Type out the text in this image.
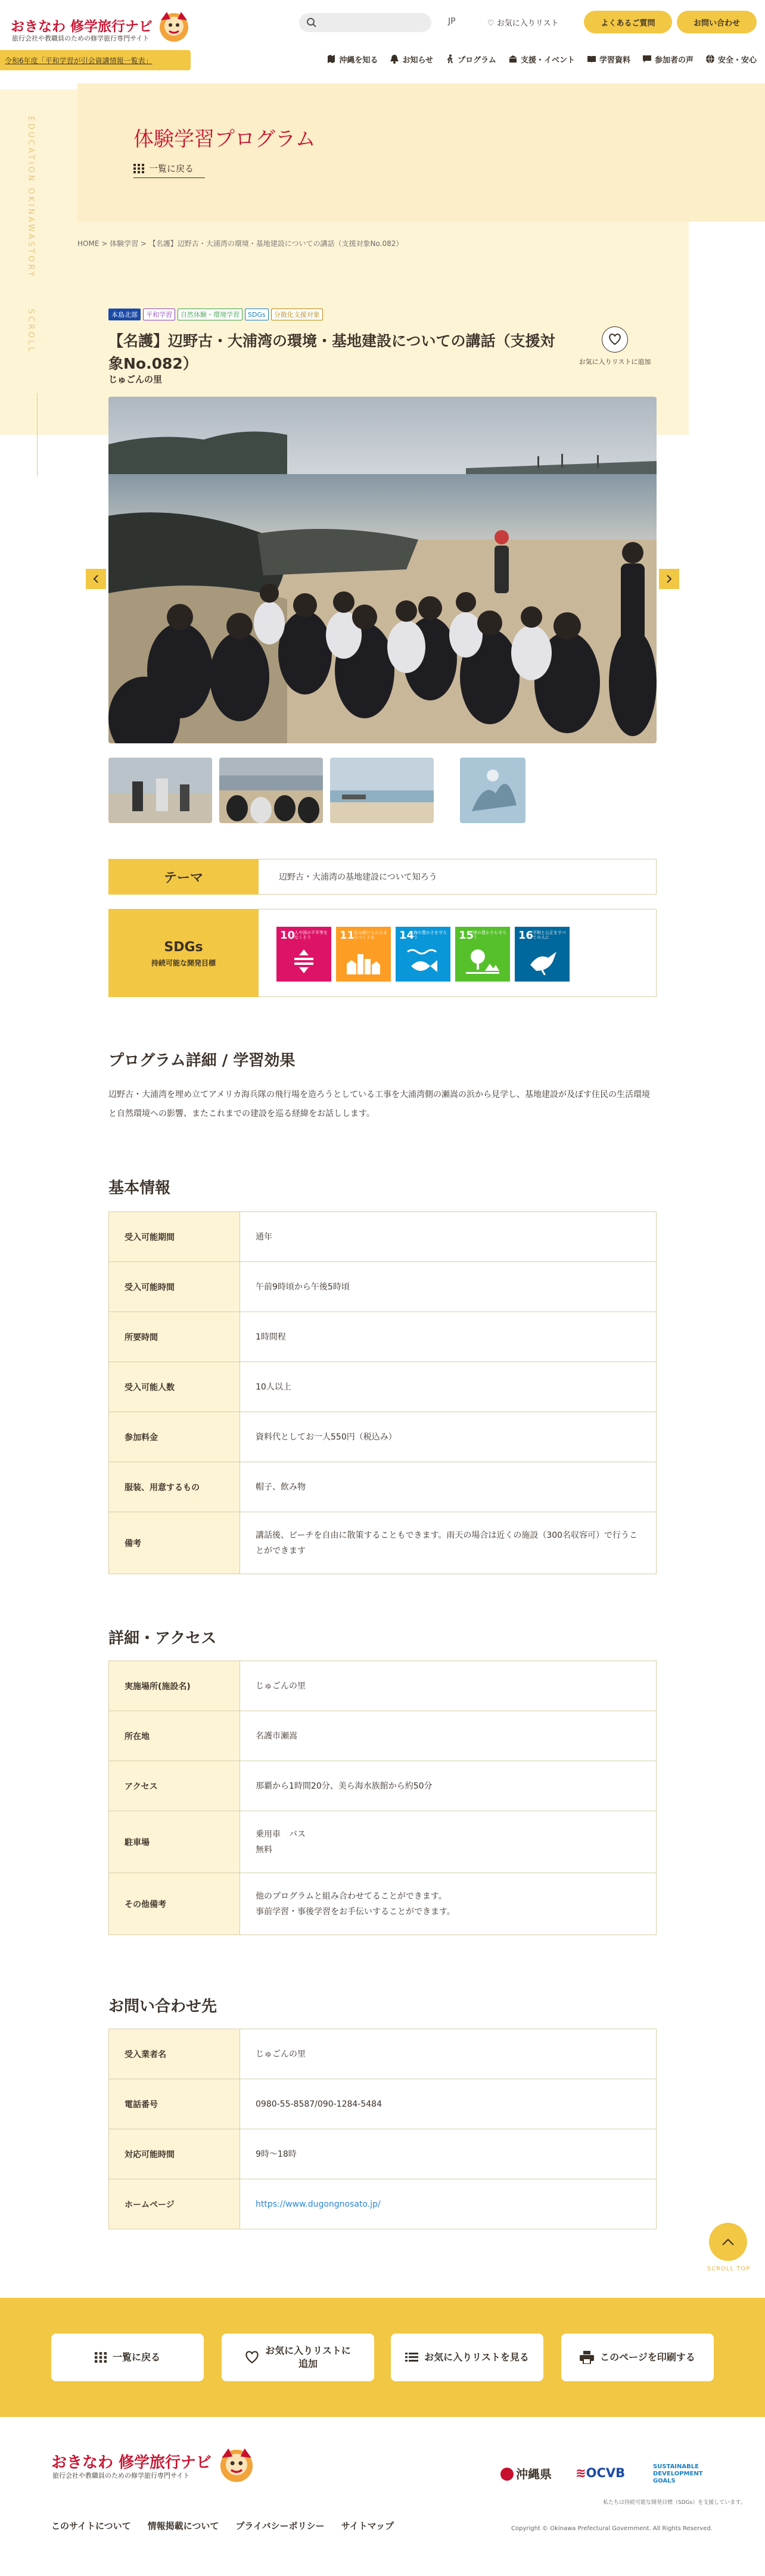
おきなわ 修学旅行ナビ
旅行会社や教職員のための修学旅行専門サイト
令和6年度「平和学習が引会資講情報一覧表」
JP	♡ お気に入りリスト	よくあるご質問	お問い合わせ
沖縄を知る	お知らせ	プログラム	支援・イベント	学習資料	参加者の声	安全・安心
EDUCATION OKINAWASTORY　　　SCROLL
体験学習プログラム
一覧に戻る
HOME > 体験学習 > 【名護】辺野古・大浦湾の環境・基地建設についての講話（支援対象No.082）
本島北部	平和学習	自然体験・環境学習	SDGs	分散化支援対象
【名護】辺野古・大浦湾の環境・基地建設についての講話（支援対象No.082）
じゅごんの里
お気に入りリストに追加
テーマ	辺野古・大浦湾の基地建設について知ろう
SDGs
持続可能な開発目標
10
人や国の不平等をなくそう	11
住み続けられるまちづくりを	14
海の豊かさを守ろう	15
陸の豊かさも守ろう	16
平和と公正をすべての人に
プログラム詳細 / 学習効果
辺野古・大浦湾を埋め立てアメリカ海兵隊の飛行場を造ろうとしている工事を大浦湾側の瀬嵩の浜から見学し、基地建設が及ぼす住民の生活環境と自然環境への影響、またこれまでの建設を巡る経緯をお話しします。
基本情報
受入可能期間	通年
受入可能時間	午前9時頃から午後5時頃
所要時間	1時間程
受入可能人数	10人以上
参加料金	資料代としてお一人550円（税込み）
服装、用意するもの	帽子、飲み物
備考	講話後、ビーチを自由に散策することもできます。雨天の場合は近くの施設（300名収容可）で行うことができます
詳細・アクセス
実施場所(施設名)	じゅごんの里
所在地	名護市瀬嵩
アクセス	那覇から1時間20分、美ら海水族館から約50分
駐車場	乗用車　バス
無料
その他備考	他のプログラムと組み合わせてることができます。
事前学習・事後学習をお手伝いすることができます。
お問い合わせ先
受入業者名	じゅごんの里
電話番号	0980-55-8587/090-1284-5484
対応可能時間	9時〜18時
ホームページ	https://www.dugongnosato.jp/
SCROLL TOP
一覧に戻る
お気に入りリストに
追加
お気に入りリストを見る	このページを印刷する
おきなわ 修学旅行ナビ
旅行会社や教職員のための修学旅行専門サイト
このサイトについて 情報掲載について プライバシーポリシー サイトマップ
沖縄県 ≋OCVB	SUSTAINABLE DEVELOPMENT GOALS
私たちは持続可能な開発目標（SDGs）を支援しています。
Copyright © Okinawa Prefectural Government. All Rights Reserved.
